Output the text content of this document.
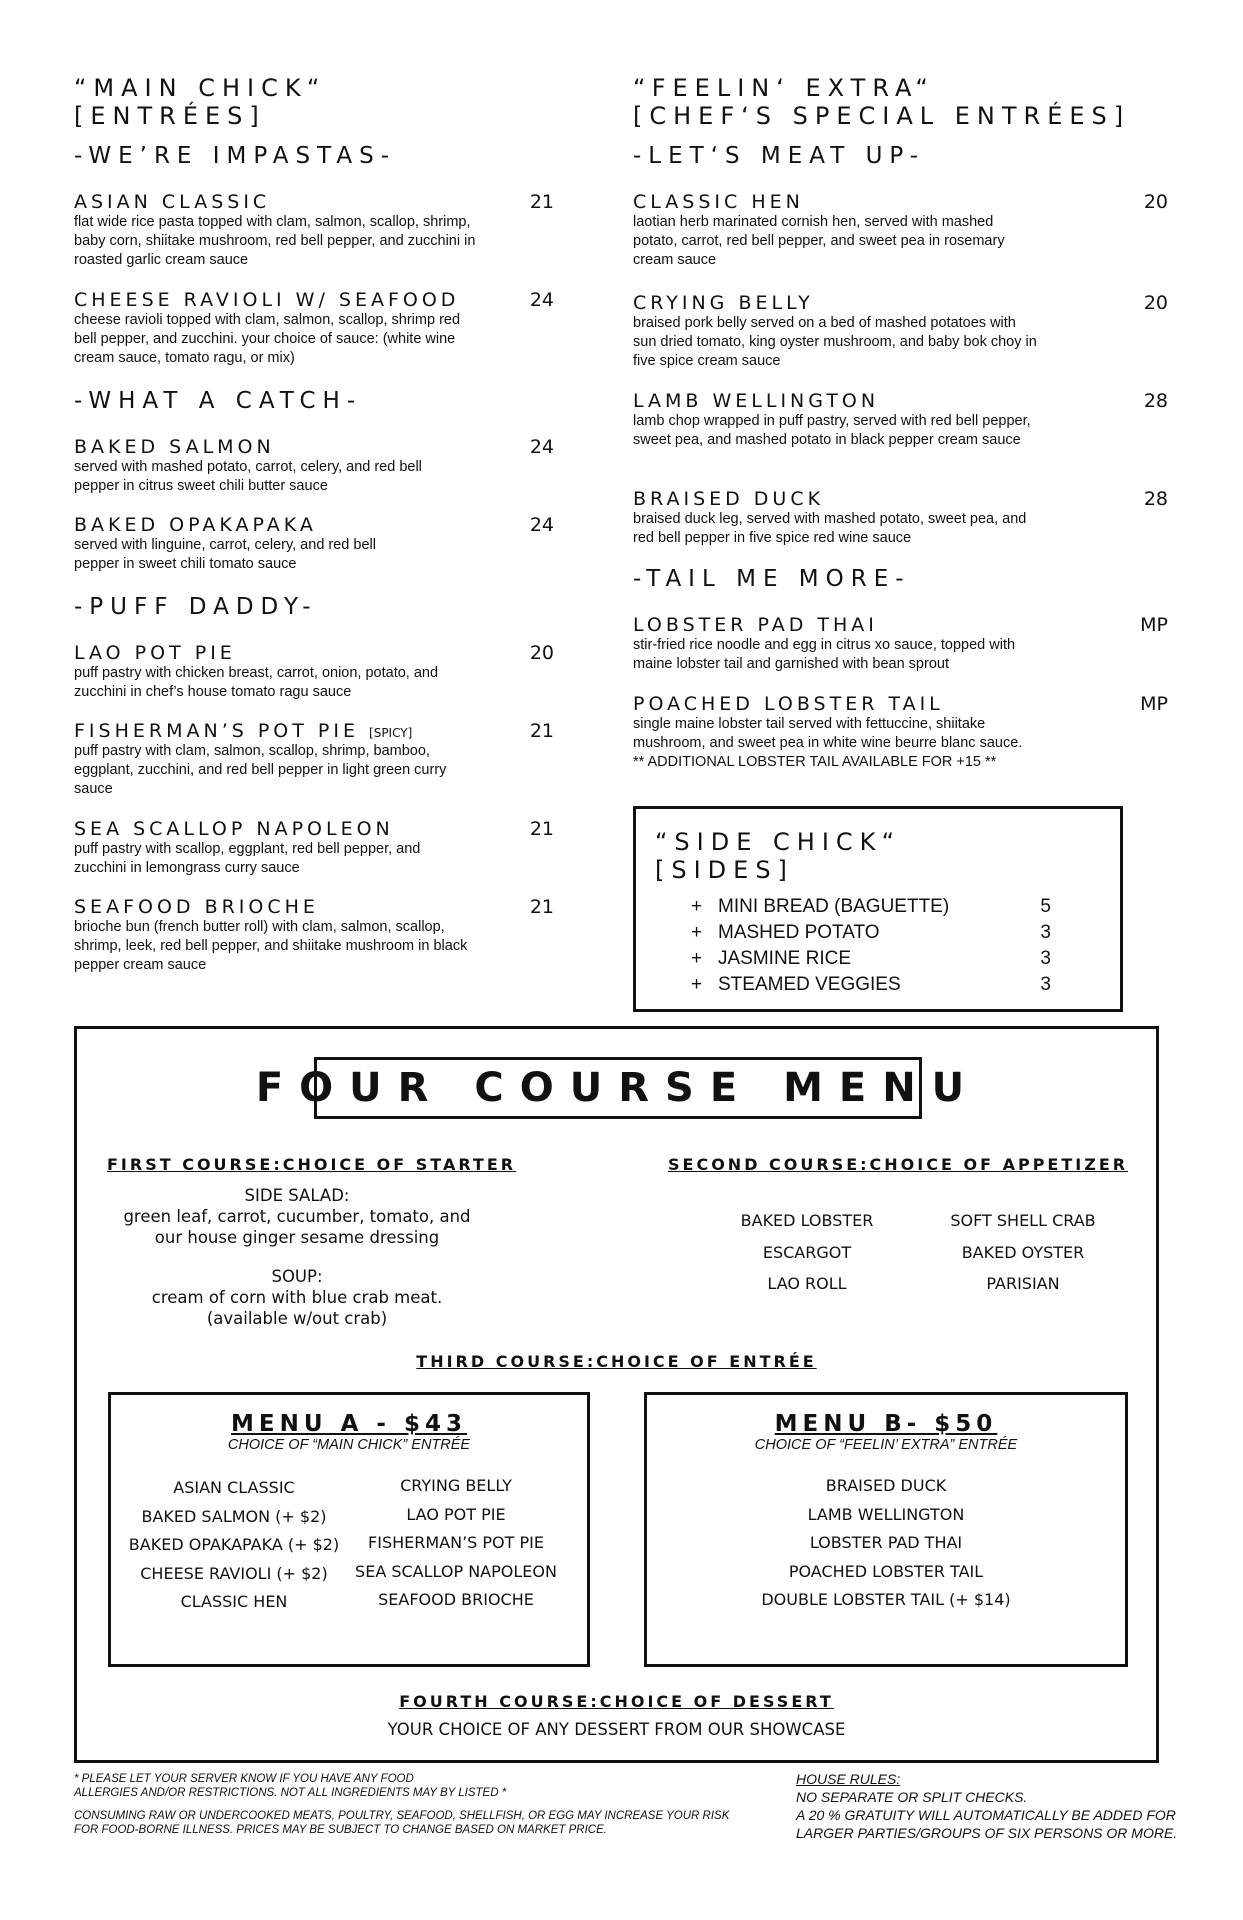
“MAIN CHICK“
[ENTRÉES]
-WE’RE IMPASTAS-
ASIAN CLASSIC	21
flat wide rice pasta topped with clam, salmon, scallop, shrimp, baby corn, shiitake mushroom, red bell pepper, and zucchini in roasted garlic cream sauce
CHEESE RAVIOLI W/ SEAFOOD	24
cheese ravioli topped with clam, salmon, scallop, shrimp red bell pepper, and zucchini. your choice of sauce: (white wine cream sauce, tomato ragu, or mix)
-WHAT A CATCH-
BAKED SALMON	24
served with mashed potato, carrot, celery, and red bell pepper in citrus sweet chili butter sauce
BAKED OPAKAPAKA	24
served with linguine, carrot, celery, and red bell pepper in sweet chili tomato sauce
-PUFF DADDY-
LAO POT PIE	20
puff pastry with chicken breast, carrot, onion, potato, and zucchini in chef’s house tomato ragu sauce
FISHERMAN’S POT PIE [SPICY]	21
puff pastry with clam, salmon, scallop, shrimp, bamboo, eggplant, zucchini, and red bell pepper in light green curry sauce
SEA SCALLOP NAPOLEON	21
puff pastry with scallop, eggplant, red bell pepper, and zucchini in lemongrass curry sauce
SEAFOOD BRIOCHE	21
brioche bun (french butter roll) with clam, salmon, scallop, shrimp, leek, red bell pepper, and shiitake mushroom in black pepper cream sauce
“FEELIN‘ EXTRA“
[CHEF‘S SPECIAL ENTRÉES]
-LET‘S MEAT UP-
CLASSIC HEN	20
laotian herb marinated cornish hen, served with mashed potato, carrot, red bell pepper, and sweet pea in rosemary cream sauce
CRYING BELLY	20
braised pork belly served on a bed of mashed potatoes with sun dried tomato, king oyster mushroom, and baby bok choy in five spice cream sauce
LAMB WELLINGTON	28
lamb chop wrapped in puff pastry, served with red bell pepper, sweet pea, and mashed potato in black pepper cream sauce
BRAISED DUCK	28
braised duck leg, served with mashed potato, sweet pea, and red bell pepper in five spice red wine sauce
-TAIL ME MORE-
LOBSTER PAD THAI	MP
stir-fried rice noodle and egg in citrus xo sauce, topped with maine lobster tail and garnished with bean sprout
POACHED LOBSTER TAIL	MP
single maine lobster tail served with fettuccine, shiitake mushroom, and sweet pea in white wine beurre blanc sauce.
** ADDITIONAL LOBSTER TAIL AVAILABLE FOR +15 **
“SIDE CHICK“
[SIDES]
+ MINI BREAD (BAGUETTE)	5
+ MASHED POTATO	3
+ JASMINE RICE	3
+ STEAMED VEGGIES	3
FOUR COURSE MENU
FIRST COURSE:CHOICE OF STARTER
SIDE SALAD:
green leaf, carrot, cucumber, tomato, and
our house ginger sesame dressing
SOUP:
cream of corn with blue crab meat.
(available w/out crab)
SECOND COURSE:CHOICE OF APPETIZER
BAKED LOBSTER
ESCARGOT
LAO ROLL
SOFT SHELL CRAB
BAKED OYSTER
PARISIAN
THIRD COURSE:CHOICE OF ENTRÉE
MENU A - $43
CHOICE OF “MAIN CHICK” ENTRÉE
ASIAN CLASSIC
BAKED SALMON (+ $2)
BAKED OPAKAPAKA (+ $2)
CHEESE RAVIOLI (+ $2)
CLASSIC HEN
CRYING BELLY
LAO POT PIE
FISHERMAN’S POT PIE
SEA SCALLOP NAPOLEON
SEAFOOD BRIOCHE
MENU B- $50
CHOICE OF “FEELIN’ EXTRA” ENTRÉE
BRAISED DUCK
LAMB WELLINGTON
LOBSTER PAD THAI
POACHED LOBSTER TAIL
DOUBLE LOBSTER TAIL (+ $14)
FOURTH COURSE:CHOICE OF DESSERT
YOUR CHOICE OF ANY DESSERT FROM OUR SHOWCASE
* PLEASE LET YOUR SERVER KNOW IF YOU HAVE ANY FOOD
ALLERGIES AND/OR RESTRICTIONS. NOT ALL INGREDIENTS MAY BY LISTED *
CONSUMING RAW OR UNDERCOOKED MEATS, POULTRY, SEAFOOD, SHELLFISH, OR EGG MAY INCREASE YOUR RISK
FOR FOOD-BORNE ILLNESS. PRICES MAY BE SUBJECT TO CHANGE BASED ON MARKET PRICE.
HOUSE RULES:
NO SEPARATE OR SPLIT CHECKS.
A 20 % GRATUITY WILL AUTOMATICALLY BE ADDED FOR
LARGER PARTIES/GROUPS OF SIX PERSONS OR MORE.
